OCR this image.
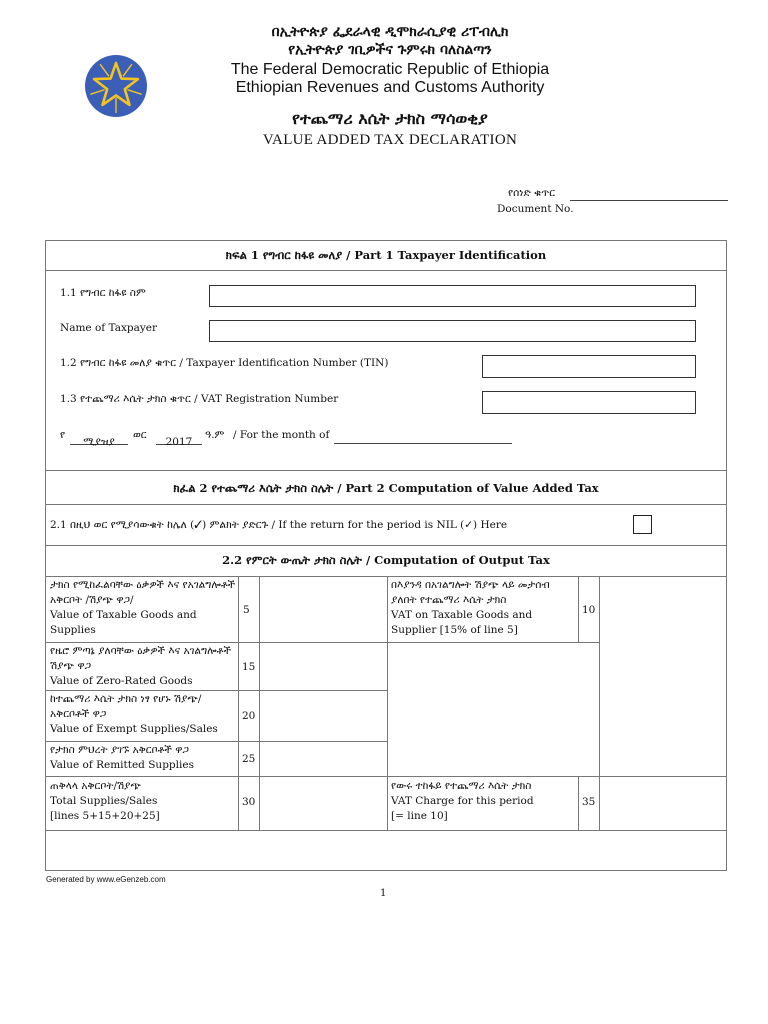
በኢትዮጵያ ፌደራላዊ ዲሞክራሲያዊ ሪፐብሊክ
የኢትዮጵያ ገቢዎችና ጉምሩክ ባለስልጣን
The Federal Democratic Republic of Ethiopia
Ethiopian Revenues and Customs Authority
የተጨማሪ እሴት ታክስ ማሳወቂያ
VALUE ADDED TAX DECLARATION
የሰነድ ቁጥር
Document No.
ክፍል 1 የግብር ከፋዩ መለያ / Part 1 Taxpayer Identification
1.1 የግብር ከፋዩ ስም
Name of Taxpayer
1.2 የግብር ከፋዩ መለያ ቁጥር / Taxpayer Identification Number (TIN)
1.3 የተጨማሪ እሴት ታክስ ቁጥር / VAT Registration Number
የ
ሚያዝያ
ወር
2017
ዓ.ም / For the month of
ክፈል 2 የተጨማሪ እሴት ታክስ ስሌት / Part 2 Computation of Value Added Tax
2.1 በዚህ ወር የሚያሳውቁት ከሌለ (✓) ምልክት ያድርጉ / If the return for the period is NIL (✓) Here
2.2 የምርት ውጤት ታክስ ስሌት / Computation of Output Tax
ታክስ የሚከፈልባቸው ዕቃዎች እና የአገልግሎቶች አቅርቦት /ሽያጭ ዋጋ/
Value of Taxable Goods and Supplies
5
በእያንዳ በአገልግሎት ሽያጭ ላይ መታሰብ ያለበት የተጨማሪ እሴት ታክስ
VAT on Taxable Goods and Supplier [15% of line 5]
10
የዜሮ ምጣኔ ያለባቸው ዕቃዎች እና አገልግሎቶች ሽያጭ ዋጋ
Value of Zero-Rated Goods
15
ከተጨማሪ እሴት ታክስ ነፃ የሆኑ ሽያጭ/ አቅርቦቶች ዋጋ
Value of Exempt Supplies/Sales
20
የታክስ ምህረት ያገኙ አቅርቦቶች ዋጋ
Value of Remitted Supplies	25
ጠቅላላ አቅርቦት/ሽያጭ
Total Supplies/Sales
[lines 5+15+20+25]
30
የውሩ ተከፋይ የተጨማሪ እሴት ታክስ
VAT Charge for this period
[= line 10]
35
Generated by www.eGenzeb.com
1
